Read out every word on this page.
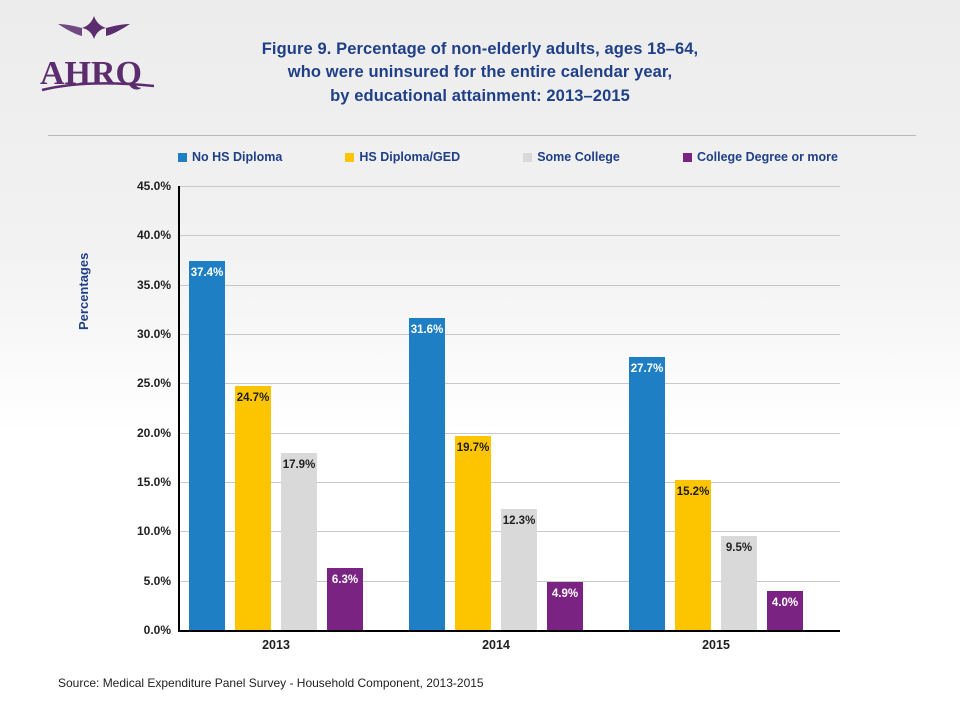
AHRQ
Figure 9. Percentage of non-elderly adults, ages 18–64,
who were uninsured for the entire calendar year,
by educational attainment: 2013–2015
No HS Diploma	HS Diploma/GED	Some College	College Degree or more
Percentages
0.0%
5.0%
10.0%
15.0%
20.0%
25.0%
30.0%
35.0%
40.0%
45.0%
37.4%
24.7%
17.9%
6.3%
2013
31.6%
19.7%
12.3%
4.9%
2014
27.7%
15.2%
9.5%
4.0%
2015
Source: Medical Expenditure Panel Survey - Household Component, 2013-2015
